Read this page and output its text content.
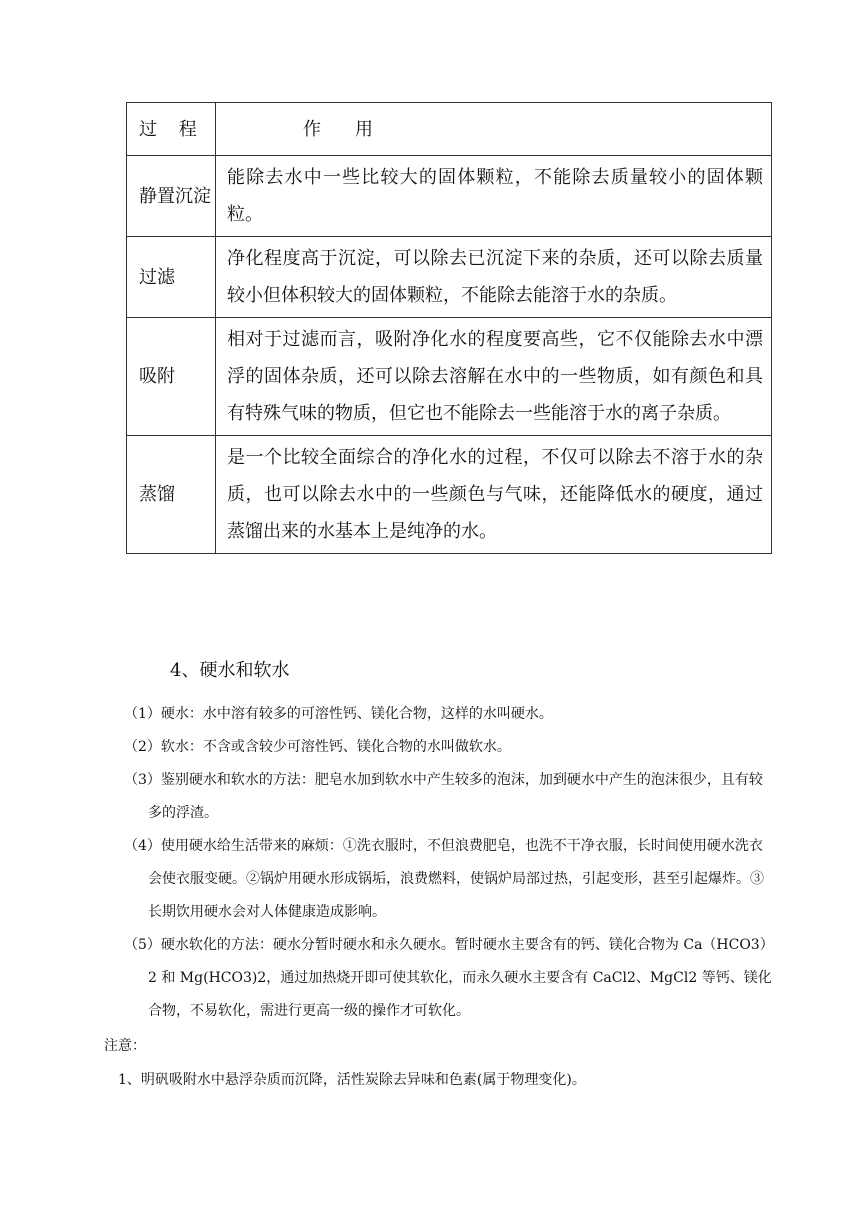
过 程	作 用
静置沉淀	能除去水中一些比较大的固体颗粒，不能除去质量较小的固体颗粒。
过滤	净化程度高于沉淀，可以除去已沉淀下来的杂质，还可以除去质量较小但体积较大的固体颗粒，不能除去能溶于水的杂质。
吸附	相对于过滤而言，吸附净化水的程度要高些，它不仅能除去水中漂浮的固体杂质，还可以除去溶解在水中的一些物质，如有颜色和具有特殊气味的物质，但它也不能除去一些能溶于水的离子杂质。
蒸馏	是一个比较全面综合的净化水的过程，不仅可以除去不溶于水的杂质，也可以除去水中的一些颜色与气味，还能降低水的硬度，通过蒸馏出来的水基本上是纯净的水。
4、硬水和软水

（1）硬水：水中溶有较多的可溶性钙、镁化合物，这样的水叫硬水。

（2）软水：不含或含较少可溶性钙、镁化合物的水叫做软水。

（3）鉴别硬水和软水的方法：肥皂水加到软水中产生较多的泡沫，加到硬水中产生的泡沫很少，且有较多的浮渣。

（4）使用硬水给生活带来的麻烦：①洗衣服时，不但浪费肥皂，也洗不干净衣服，长时间使用硬水洗衣会使衣服变硬。②锅炉用硬水形成锅垢，浪费燃料，使锅炉局部过热，引起变形，甚至引起爆炸。③长期饮用硬水会对人体健康造成影响。

（5）硬水软化的方法：硬水分暂时硬水和永久硬水。暂时硬水主要含有的钙、镁化合物为 Ca（HCO3）2 和 Mg(HCO3)2，通过加热烧开即可使其软化，而永久硬水主要含有 CaCl2、MgCl2 等钙、镁化合物，不易软化，需进行更高一级的操作才可软化。

注意：
1、明矾吸附水中悬浮杂质而沉降，活性炭除去异味和色素(属于物理变化)。
